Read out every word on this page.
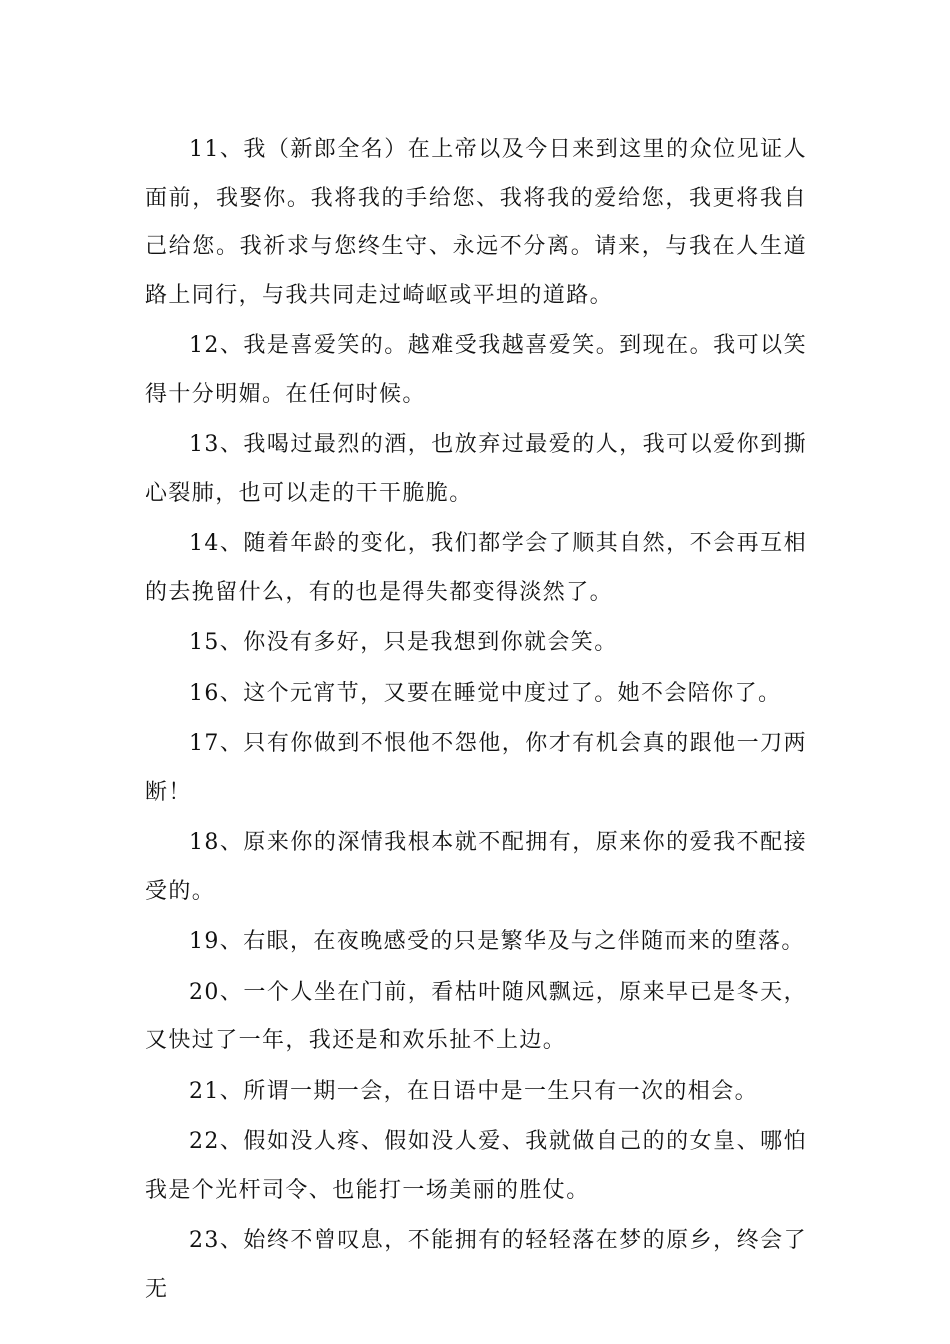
11、我（新郎全名）在上帝以及今日来到这里的众位见证人面前，我娶你。我将我的手给您、我将我的爱给您，我更将我自己给您。我祈求与您终生守、永远不分离。请来，与我在人生道路上同行，与我共同走过崎岖或平坦的道路。

12、我是喜爱笑的。越难受我越喜爱笑。到现在。我可以笑得十分明媚。在任何时候。

13、我喝过最烈的酒，也放弃过最爱的人，我可以爱你到撕心裂肺，也可以走的干干脆脆。

14、随着年龄的变化，我们都学会了顺其自然，不会再互相的去挽留什么，有的也是得失都变得淡然了。

15、你没有多好，只是我想到你就会笑。

16、这个元宵节，又要在睡觉中度过了。她不会陪你了。

17、只有你做到不恨他不怨他，你才有机会真的跟他一刀两断！

18、原来你的深情我根本就不配拥有，原来你的爱我不配接受的。

19、右眼，在夜晚感受的只是繁华及与之伴随而来的堕落。

20、一个人坐在门前，看枯叶随风飘远，原来早已是冬天，又快过了一年，我还是和欢乐扯不上边。

21、所谓一期一会，在日语中是一生只有一次的相会。

22、假如没人疼、假如没人爱、我就做自己的的女皇、哪怕我是个光杆司令、也能打一场美丽的胜仗。

23、始终不曾叹息，不能拥有的轻轻落在梦的原乡，终会了无
